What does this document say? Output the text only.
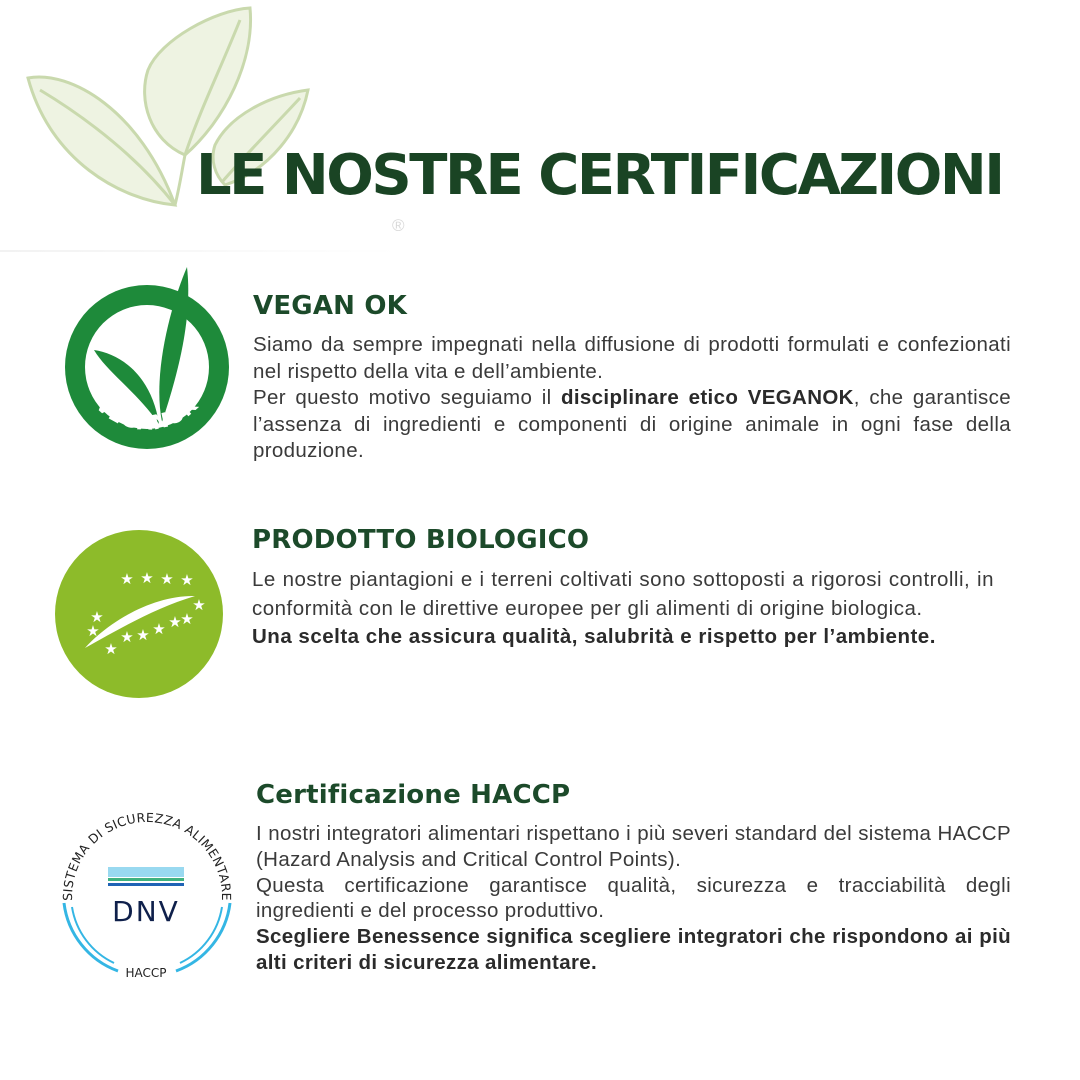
LE NOSTRE CERTIFICAZIONI
®
VEGANOK
VEGAN OK

Siamo da sempre impegnati nella diffusione di prodotti formulati e confezionati nel rispetto della vita e dell’ambiente.
Per questo motivo seguiamo il disciplinare etico VEGANOK, che garantisce l’assenza di ingredienti e componenti di origine animale in ogni fase della produzione.

★ ★ ★ ★
★
★
★
★
★
★ ★ ★ ★
PRODOTTO BIOLOGICO

Le nostre piantagioni e i terreni coltivati sono sottoposti a rigorosi controlli, in conformità con le direttive europee per gli alimenti di origine biologica.

Una scelta che assicura qualità, salubrità e rispetto per l’ambiente.

SISTEMA DI SICUREZZA ALIMENTARE
DNV
HACCP
Certificazione HACCP

I nostri integratori alimentari rispettano i più severi standard del sistema HACCP (Hazard Analysis and Critical Control Points).

Questa certificazione garantisce qualità, sicurezza e tracciabilità degli ingredienti e del processo produttivo.

Scegliere Benessence significa scegliere integratori che rispondono ai più alti criteri di sicurezza alimentare.
